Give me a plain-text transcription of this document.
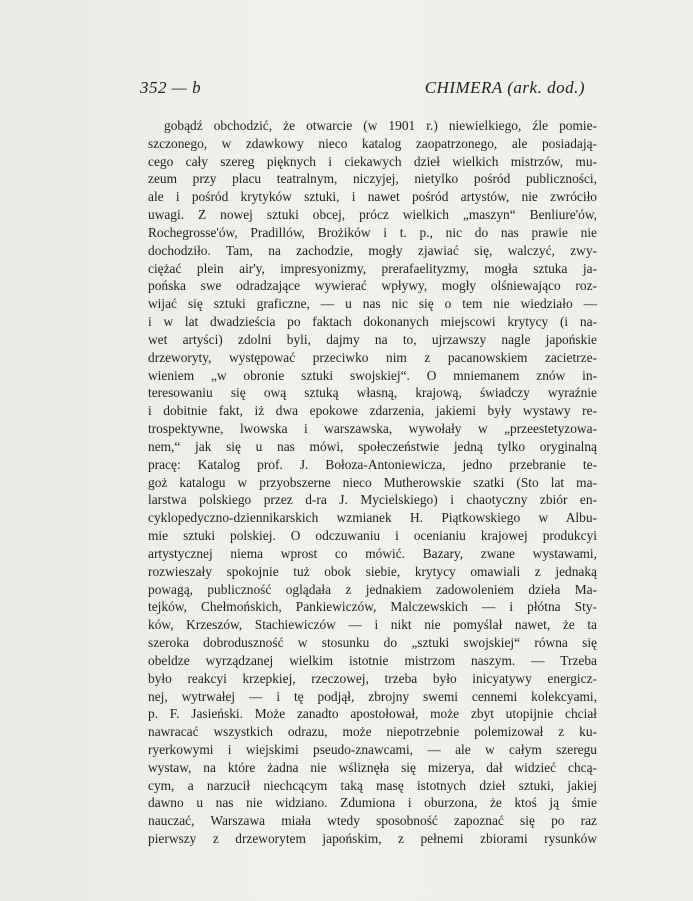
352 — b	CHIMERA (ark. dod.)
gobądź obchodzić, że otwarcie (w 1901 r.) niewielkiego, źle pomie-
szczonego, w zdawkowy nieco katalog zaopatrzonego, ale posiadają-
cego cały szereg pięknych i ciekawych dzieł wielkich mistrzów, mu-
zeum przy placu teatralnym, niczyjej, nietylko pośród publiczności,
ale i pośród krytyków sztuki, i nawet pośród artystów, nie zwróciło
uwagi. Z nowej sztuki obcej, prócz wielkich „maszyn“ Benliure'ów,
Rochegrosse'ów, Pradillów, Brożików i t. p., nic do nas prawie nie
dochodziło. Tam, na zachodzie, mogły zjawiać się, walczyć, zwy-
ciężać plein air'y, impresyonizmy, prerafaelityzmy, mogła sztuka ja-
pońska swe odradzające wywierać wpływy, mogły olśniewająco roz-
wijać się sztuki graficzne, — u nas nic się o tem nie wiedziało —
i w lat dwadzieścia po faktach dokonanych miejscowi krytycy (i na-
wet artyści) zdolni byli, dajmy na to, ujrzawszy nagle japońskie
drzeworyty, występować przeciwko nim z pacanowskiem zacietrze-
wieniem „w obronie sztuki swojskiej“. O mniemanem znów in-
teresowaniu się ową sztuką własną, krajową, świadczy wyraźnie
i dobitnie fakt, iż dwa epokowe zdarzenia, jakiemi były wystawy re-
trospektywne, lwowska i warszawska, wywołały w „przeestetyzowa-
nem,“ jak się u nas mówi, społeczeństwie jedną tylko oryginalną
pracę: Katalog prof. J. Bołoza-Antoniewicza, jedno przebranie te-
goż katalogu w przyobszerne nieco Mutherowskie szatki (Sto lat ma-
larstwa polskiego przez d-ra J. Mycielskiego) i chaotyczny zbiór en-
cyklopedyczno-dziennikarskich wzmianek H. Piątkowskiego w Albu-
mie sztuki polskiej. O odczuwaniu i ocenianiu krajowej produkcyi
artystycznej niema wprost co mówić. Bazary, zwane wystawami,
rozwieszały spokojnie tuż obok siebie, krytycy omawiali z jednaką
powagą, publiczność oglądała z jednakiem zadowoleniem dzieła Ma-
tejków, Chełmońskich, Pankiewiczów, Malczewskich — i płótna Sty-
ków, Krzeszów, Stachiewiczów — i nikt nie pomyślał nawet, że ta
szeroka dobroduszność w stosunku do „sztuki swojskiej“ równa się
obeldze wyrządzanej wielkim istotnie mistrzom naszym. — Trzeba
było reakcyi krzepkiej, rzeczowej, trzeba było inicyatywy energicz-
nej, wytrwałej — i tę podjął, zbrojny swemi cennemi kolekcyami,
p. F. Jasieński. Może zanadto apostołował, może zbyt utopijnie chciał
nawracać wszystkich odrazu, może niepotrzebnie polemizował z ku-
ryerkowymi i wiejskimi pseudo-znawcami, — ale w całym szeregu
wystaw, na które żadna nie wśliznęła się mizerya, dał widzieć chcą-
cym, a narzucił niechcącym taką masę istotnych dzieł sztuki, jakiej
dawno u nas nie widziano. Zdumiona i oburzona, że ktoś ją śmie
nauczać, Warszawa miała wtedy sposobność zapoznać się po raz
pierwszy z drzeworytem japońskim, z pełnemi zbiorami rysunków
